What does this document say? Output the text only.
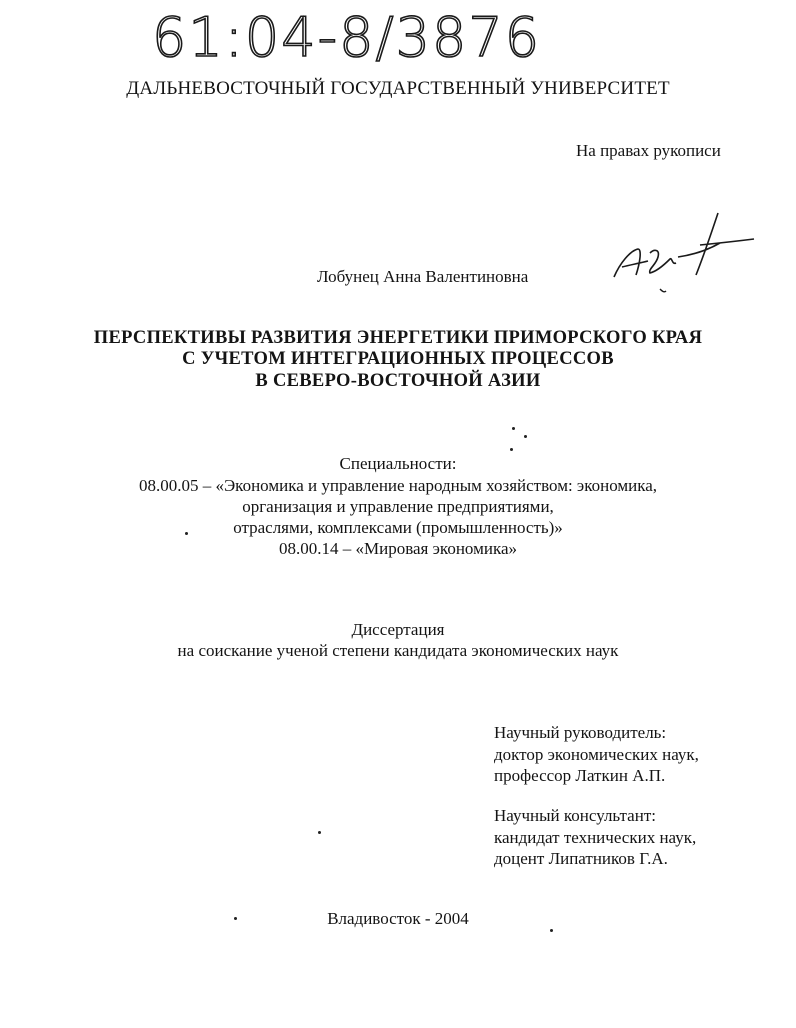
61:04-8/3876
ДАЛЬНЕВОСТОЧНЫЙ ГОСУДАРСТВЕННЫЙ УНИВЕРСИТЕТ
На правах рукописи
Лобунец Анна Валентиновна
ПЕРСПЕКТИВЫ РАЗВИТИЯ ЭНЕРГЕТИКИ ПРИМОРСКОГО КРАЯ
С УЧЕТОМ ИНТЕГРАЦИОННЫХ ПРОЦЕССОВ
В СЕВЕРО-ВОСТОЧНОЙ АЗИИ
Специальности:
08.00.05 – «Экономика и управление народным хозяйством: экономика,
организация и управление предприятиями,
отраслями, комплексами (промышленность)»
08.00.14 – «Мировая экономика»
Диссертация
на соискание ученой степени кандидата экономических наук
Научный руководитель:
доктор экономических наук,
профессор Латкин А.П.
Научный консультант:
кандидат технических наук,
доцент Липатников Г.А.
Владивосток - 2004
